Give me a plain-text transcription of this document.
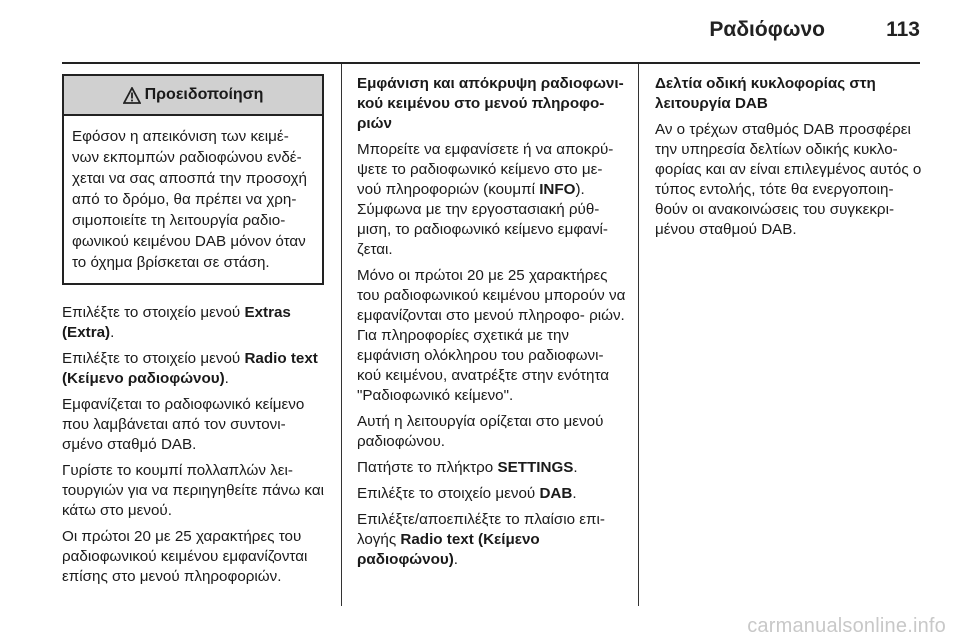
Ραδιόφωνο	113
Προειδοποίηση
Εφόσον η απεικόνιση των κειμέ- νων εκπομπών ραδιοφώνου ενδέ- χεται να σας αποσπά την προσοχή από το δρόμο, θα πρέπει να χρη- σιμοποιείτε τη λειτουργία ραδιο- φωνικού κειμένου DAB μόνον όταν το όχημα βρίσκεται σε στάση.

Επιλέξτε το στοιχείο μενού Extras (Extra).

Επιλέξτε το στοιχείο μενού Radio text (Κείμενο ραδιοφώνου).

Εμφανίζεται το ραδιοφωνικό κείμενο που λαμβάνεται από τον συντονι- σμένο σταθμό DAB.

Γυρίστε το κουμπί πολλαπλών λει- τουργιών για να περιηγηθείτε πάνω και κάτω στο μενού.

Οι πρώτοι 20 με 25 χαρακτήρες του ραδιοφωνικού κειμένου εμφανίζονται επίσης στο μενού πληροφοριών.

Εμφάνιση και απόκρυψη ραδιοφωνι- κού κειμένου στο μενού πληροφο- ριών

Μπορείτε να εμφανίσετε ή να αποκρύ- ψετε το ραδιοφωνικό κείμενο στο με- νού πληροφοριών (κουμπί INFO). Σύμφωνα με την εργοστασιακή ρύθ- μιση, το ραδιοφωνικό κείμενο εμφανί- ζεται.

Μόνο οι πρώτοι 20 με 25 χαρακτήρες του ραδιοφωνικού κειμένου μπορούν να εμφανίζονται στο μενού πληροφο- ριών. Για πληροφορίες σχετικά με την εμφάνιση ολόκληρου του ραδιοφωνι- κού κειμένου, ανατρέξτε στην ενότητα "Ραδιοφωνικό κείμενο".

Αυτή η λειτουργία ορίζεται στο μενού ραδιοφώνου.

Πατήστε το πλήκτρο SETTINGS.

Επιλέξτε το στοιχείο μενού DAB.

Επιλέξτε/αποεπιλέξτε το πλαίσιο επι- λογής Radio text (Κείμενο ραδιοφώνου).

Δελτία οδική κυκλοφορίας στη λειτουργία DAB

Αν ο τρέχων σταθμός DAB προσφέρει την υπηρεσία δελτίων οδικής κυκλο- φορίας και αν είναι επιλεγμένος αυτός ο τύπος εντολής, τότε θα ενεργοποιη- θούν οι ανακοινώσεις του συγκεκρι- μένου σταθμού DAB.

carmanualsonline.info
